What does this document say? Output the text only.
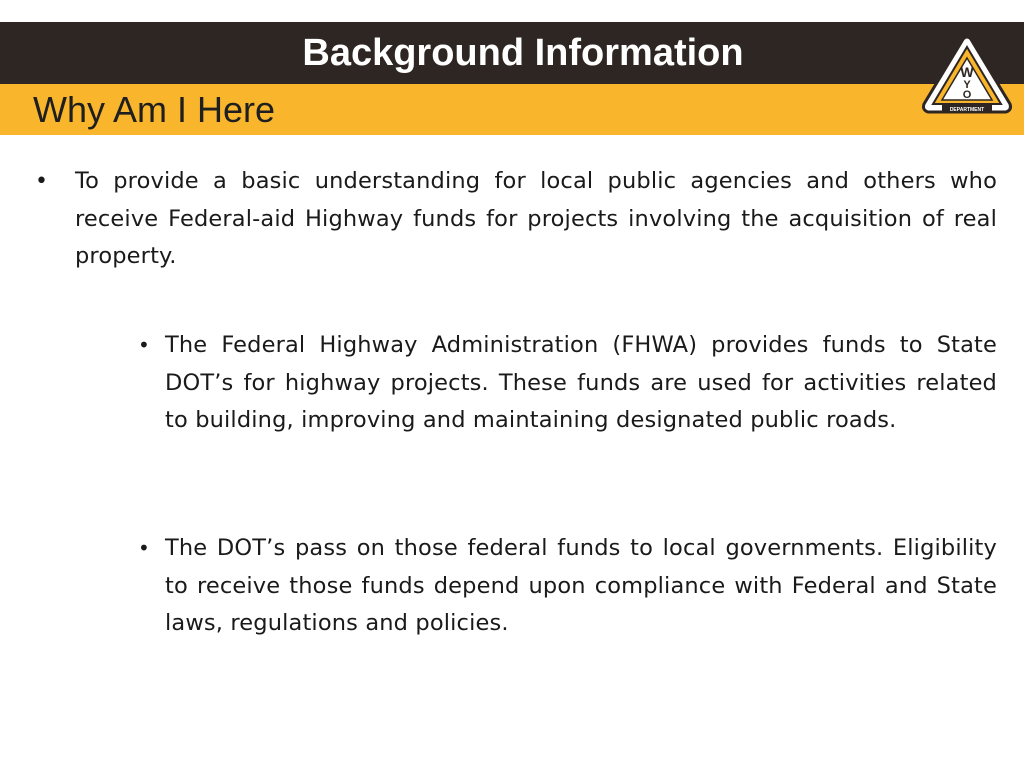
Background Information
Why Am I Here
W
Y
O
DEPARTMENT
• To provide a basic understanding for local public agencies and others who receive Federal-aid Highway funds for projects involving the acquisition of real property.
• The Federal Highway Administration (FHWA) provides funds to State DOT’s for highway projects. These funds are used for activities related to building, improving and maintaining designated public roads.
• The DOT’s pass on those federal funds to local governments. Eligibility to receive those funds depend upon compliance with Federal and State laws, regulations and policies.
